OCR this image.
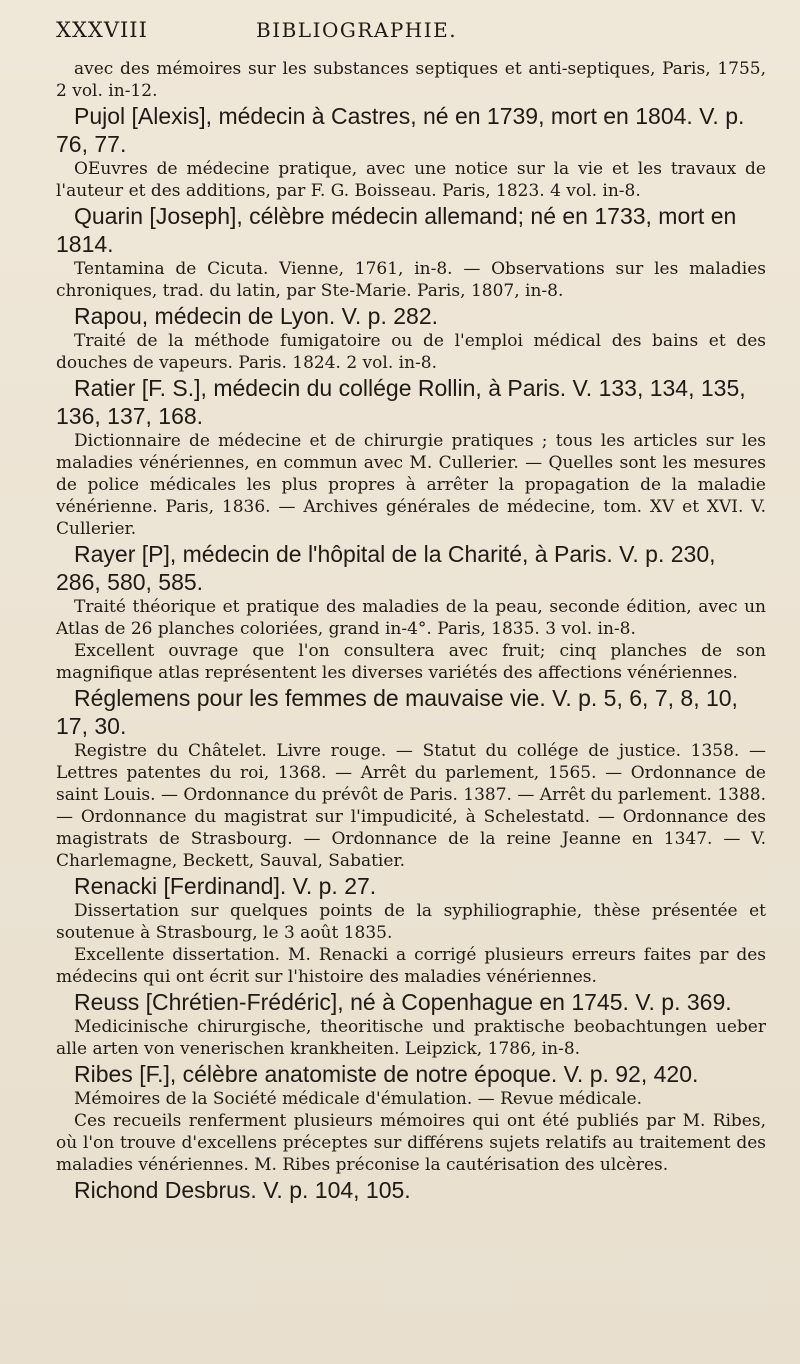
XXXVIII	BIBLIOGRAPHIE.

avec des mémoires sur les substances septiques et anti-septiques, Paris, 1755, 2 vol. in-12.

Pujol [Alexis], médecin à Castres, né en 1739, mort en 1804. V. p. 76, 77.

OEuvres de médecine pratique, avec une notice sur la vie et les travaux de l'auteur et des additions, par F. G. Boisseau. Paris, 1823. 4 vol. in-8.

Quarin [Joseph], célèbre médecin allemand; né en 1733, mort en 1814.

Tentamina de Cicuta. Vienne, 1761, in-8. — Observations sur les maladies chroniques, trad. du latin, par Ste-Marie. Paris, 1807, in-8.

Rapou, médecin de Lyon. V. p. 282.

Traité de la méthode fumigatoire ou de l'emploi médical des bains et des douches de vapeurs. Paris. 1824. 2 vol. in-8.

Ratier [F. S.], médecin du collége Rollin, à Paris. V. 133, 134, 135, 136, 137, 168.

Dictionnaire de médecine et de chirurgie pratiques ; tous les articles sur les maladies vénériennes, en commun avec M. Cullerier. — Quelles sont les mesures de police médicales les plus propres à arrêter la propagation de la maladie vénérienne. Paris, 1836. — Archives générales de médecine, tom. XV et XVI. V. Cullerier.

Rayer [P], médecin de l'hôpital de la Charité, à Paris. V. p. 230, 286, 580, 585.

Traité théorique et pratique des maladies de la peau, seconde édition, avec un Atlas de 26 planches coloriées, grand in-4°. Paris, 1835. 3 vol. in-8.

Excellent ouvrage que l'on consultera avec fruit; cinq planches de son magnifique atlas représentent les diverses variétés des affections vénériennes.

Réglemens pour les femmes de mauvaise vie. V. p. 5, 6, 7, 8, 10, 17, 30.

Registre du Châtelet. Livre rouge. — Statut du collége de justice. 1358. — Lettres patentes du roi, 1368. — Arrêt du parlement, 1565. — Ordonnance de saint Louis. — Ordonnance du prévôt de Paris. 1387. — Arrêt du parlement. 1388. — Ordonnance du magistrat sur l'impudicité, à Schelestatd. — Ordonnance des magistrats de Strasbourg. — Ordonnance de la reine Jeanne en 1347. — V. Charlemagne, Beckett, Sauval, Sabatier.

Renacki [Ferdinand]. V. p. 27.

Dissertation sur quelques points de la syphiliographie, thèse présentée et soutenue à Strasbourg, le 3 août 1835.

Excellente dissertation. M. Renacki a corrigé plusieurs erreurs faites par des médecins qui ont écrit sur l'histoire des maladies vénériennes.

Reuss [Chrétien-Frédéric], né à Copenhague en 1745. V. p. 369.

Medicinische chirurgische, theoritische und praktische beobachtungen ueber alle arten von venerischen krankheiten. Leipzick, 1786, in-8.

Ribes [F.], célèbre anatomiste de notre époque. V. p. 92, 420.

Mémoires de la Société médicale d'émulation. — Revue médicale.

Ces recueils renferment plusieurs mémoires qui ont été publiés par M. Ribes, où l'on trouve d'excellens préceptes sur différens sujets relatifs au traitement des maladies vénériennes. M. Ribes préconise la cautérisation des ulcères.

Richond Desbrus. V. p. 104, 105.
